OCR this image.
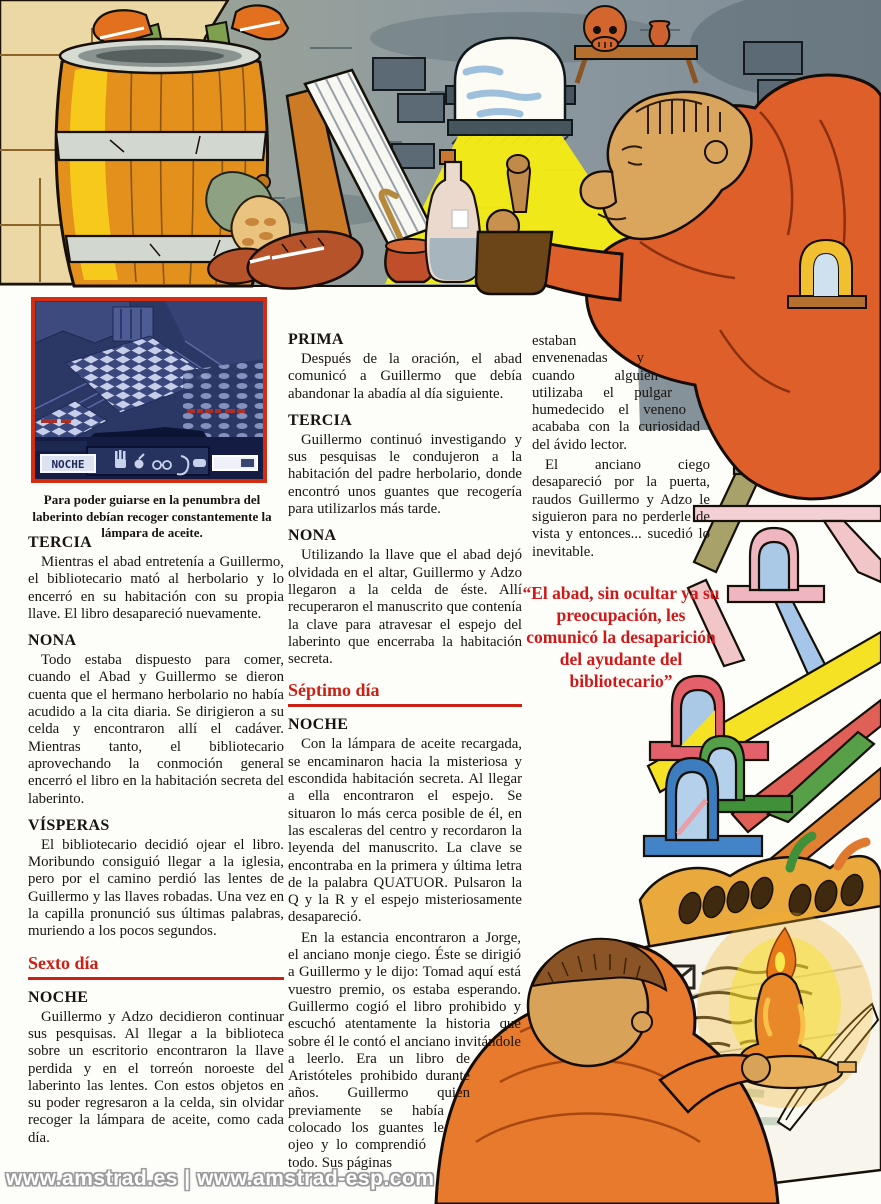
NOCHE
Para poder guiarse en la penumbra del laberinto debían recoger constantemente la lámpara de aceite.
TERCIA

Mientras el abad entretenía a Guillermo, el bibliotecario mató al herbolario y lo encerró en su habitación con su propia llave. El libro desapareció nuevamente.

NONA

Todo estaba dispuesto para comer, cuando el Abad y Guillermo se dieron cuenta que el hermano herbolario no había acudido a la cita diaria. Se dirigieron a su celda y encontraron allí el cadáver. Mientras tanto, el bibliotecario aprovechando la conmoción general encerró el libro en la habitación secreta del laberinto.

VÍSPERAS

El bibliotecario decidió ojear el libro. Moribundo consiguió llegar a la iglesia, pero por el camino perdió las lentes de Guillermo y las llaves robadas. Una vez en la capilla pronunció sus últimas palabras, muriendo a los pocos segundos.

Sexto día
NOCHE

Guillermo y Adzo decidieron continuar sus pesquisas. Al llegar a la biblioteca sobre un escritorio encontraron la llave perdida y en el torreón noroeste del laberinto las lentes. Con estos objetos en su poder regresaron a la celda, sin olvidar recoger la lámpara de aceite, como cada día.

PRIMA

Después de la oración, el abad comunicó a Guillermo que debía abandonar la abadía al día siguiente.

TERCIA

Guillermo continuó investigando y sus pesquisas le condujeron a la habitación del padre herbolario, donde encontró unos guantes que recogería para utilizarlos más tarde.

NONA

Utilizando la llave que el abad dejó olvidada en el altar, Guillermo y Adzo llegaron a la celda de éste. Allí recuperaron el manuscrito que contenía la clave para atravesar el espejo del laberinto que encerraba la habitación secreta.

Séptimo día
NOCHE

Con la lámpara de aceite recargada, se encaminaron hacia la misteriosa y escondida habitación secreta. Al llegar a ella encontraron el espejo. Se situaron lo más cerca posible de él, en las escaleras del centro y recordaron la leyenda del manuscrito. La clave se encontraba en la primera y última letra de la palabra QUATUOR. Pulsaron la Q y la R y el espejo misteriosamente desapareció.

En la estancia encontraron a Jorge, el anciano monje ciego. Éste se dirigió a Guillermo y le dijo: Tomad aquí está vuestro premio, os estaba esperando. Guillermo cogió el libro prohibido y escuchó atentamente la historia que sobre él le contó el anciano invitándole a leerlo. Era un libro de Aristóteles prohibido durante años. Guillermo quien previamente se había colocado los guantes le ojeo y lo comprendió todo. Sus páginas

estaban envenenadas y cuando alguien utilizaba el pulgar humedecido el veneno acababa con la curiosidad del ávido lector.

El anciano ciego desapareció por la puerta, raudos Guillermo y Adzo le siguieron para no perderle de vista y entonces... sucedió lo inevitable.

“El abad, sin ocultar ya su preocupación, les comunicó la desaparición del ayudante del bibliotecario”
www.amstrad.es | www.amstrad-esp.com
